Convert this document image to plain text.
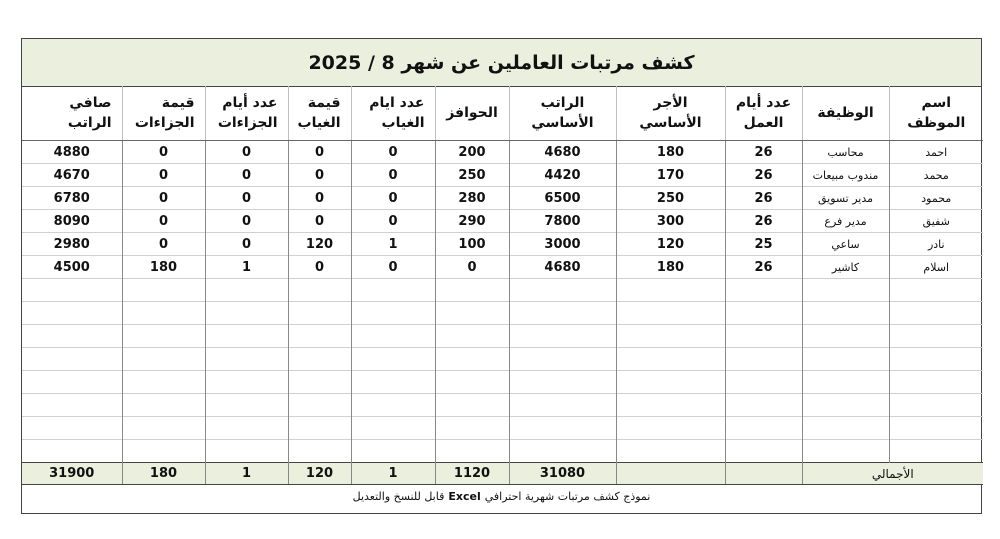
كشف مرتبات العاملين عن شهر 8 / 2025
صافي الراتب	قيمة الجزاءات	عدد أيام الجزاءات	قيمة الغياب	عدد ايام الغياب	الحوافز	الراتب الأساسي	الأجر الأساسي	عدد أيام العمل	الوظيفة	اسم الموظف
4880	0	0	0	0	200	4680	180	26	محاسب	احمد
4670	0	0	0	0	250	4420	170	26	مندوب مبيعات	محمد
6780	0	0	0	0	280	6500	250	26	مدير تسويق	محمود
8090	0	0	0	0	290	7800	300	26	مدير فرع	شفيق
2980	0	0	120	1	100	3000	120	25	ساعي	نادر
4500	180	1	0	0	0	4680	180	26	كاشير	اسلام

31900	180	1	120	1	1120	31080			الأجمالي	
قابل للنسخ والتعديل Excel نموذج كشف مرتبات شهرية احترافي
